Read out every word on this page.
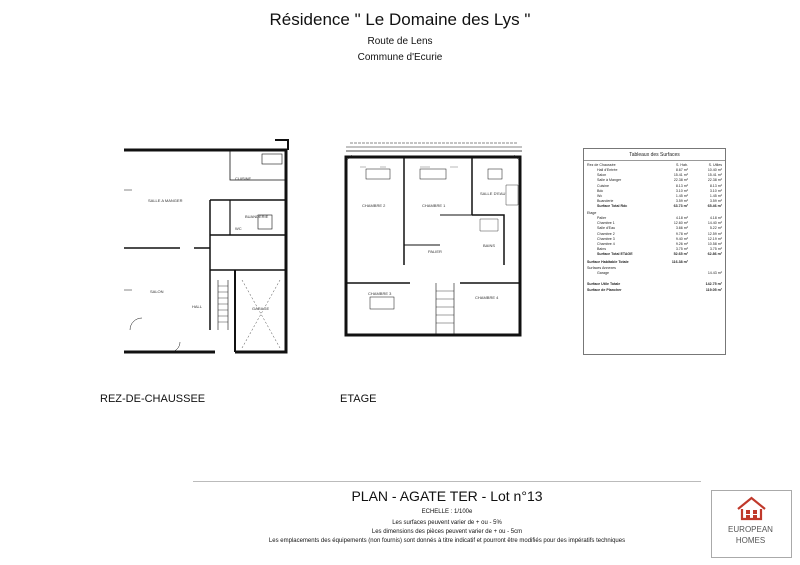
Résidence " Le Domaine des Lys "
Route de Lens
Commune d'Ecurie
CUISINE
SALLE A MANGER
BUANDERIE
WC
SALON
HALL	GARAGE
CHAMBRE 2	CHAMBRE 1
SALLE D'EAU
PALIER
BAINS
CHAMBRE 3
CHAMBRE 4
REZ-DE-CHAUSSEE	ETAGE
Tableaux des Surfaces
Rez de Chaussée	S. Hab.	S. Utiles
Hall d'Entrée	8.67 m²	10.40 m²
Salon	15.41 m²	15.41 m²
Salle à Manger	22.38 m²	22.38 m²
Cuisine	8.13 m²	8.13 m²
Bdc	3.10 m²	3.10 m²
Wc	1.45 m²	1.45 m²
Buanderie	3.59 m²	3.59 m²
Surface Total Rdc	63.73 m²	65.46 m²
Etage
Palier	4.18 m²	4.18 m²
Chambre 1	12.60 m²	14.40 m²
Salle d'Eau	3.66 m²	5.22 m²
Chambre 2	9.78 m²	12.59 m²
Chambre 3	9.40 m²	12.19 m²
Chambre 4	9.26 m²	10.58 m²
Bains	3.75 m²	3.75 m²
Surface Total ETAGE	52.65 m²	62.86 m²
Surface Habitable Totale	116.38 m²
Surfaces Annexes
Garage	14.43 m²
Surface Utile Totale	142.75 m²
Surface de Plancher	119.05 m²
PLAN - AGATE TER - Lot n°13
ECHELLE : 1/100e
Les surfaces peuvent varier de + ou - 5%
Les dimensions des pièces peuvent varier de + ou - 5cm
Les emplacements des équipements (non fournis) sont donnés à titre indicatif et pourront être modifiés pour des impératifs techniques
EUROPEAN
HOMES
